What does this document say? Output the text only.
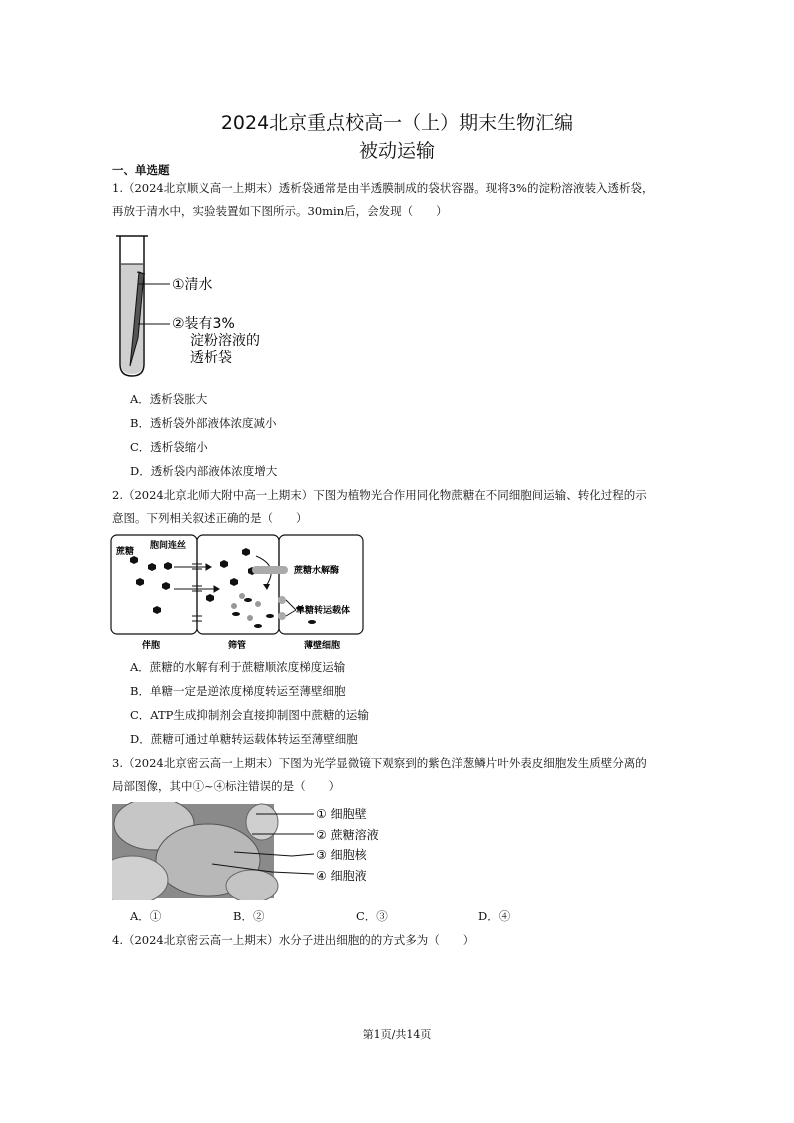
2024北京重点校高一（上）期末生物汇编
被动运输
一、单选题
1.（2024北京顺义高一上期末）透析袋通常是由半透膜制成的袋状容器。现将3%的淀粉溶液装入透析袋，
再放于清水中，实验装置如下图所示。30min后，会发现（　　）
①清水
②装有3%
淀粉溶液的
透析袋
A．透析袋胀大
B．透析袋外部液体浓度减小
C．透析袋缩小
D．透析袋内部液体浓度增大
2.（2024北京北师大附中高一上期末）下图为植物光合作用同化物蔗糖在不同细胞间运输、转化过程的示
意图。下列相关叙述正确的是（　　）
蔗糖
胞间连丝
蔗糖水解酶
单糖转运载体
伴胞	筛管	薄壁细胞
A．蔗糖的水解有利于蔗糖顺浓度梯度运输
B．单糖一定是逆浓度梯度转运至薄壁细胞
C．ATP生成抑制剂会直接抑制图中蔗糖的运输
D．蔗糖可通过单糖转运载体转运至薄壁细胞
3.（2024北京密云高一上期末）下图为光学显微镜下观察到的紫色洋葱鳞片叶外表皮细胞发生质壁分离的
局部图像，其中①~④标注错误的是（　　）
① 细胞壁
② 蔗糖溶液
③ 细胞核
④ 细胞液
A．①	B．②	C．③	D．④
4.（2024北京密云高一上期末）水分子进出细胞的的方式多为（　　）
第1页/共14页
